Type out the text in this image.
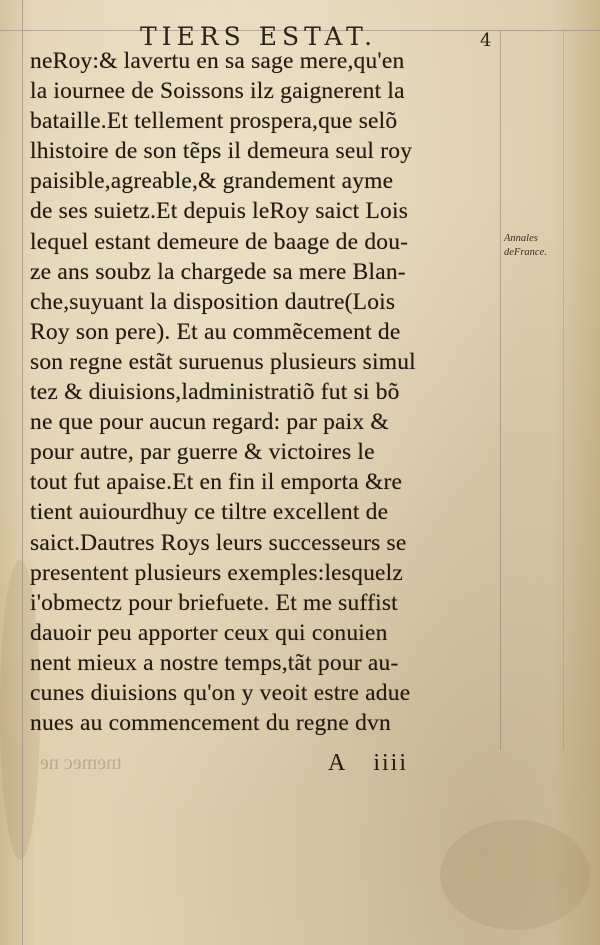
TIERS ESTAT.	4
neRoy:& lavertu en sa sage mere,qu'en
la iournee de Soissons ilz gaignerent la
bataille.Et tellement prospera,que selõ
lhistoire de son tẽps il demeura seul roy
paisible,agreable,& grandement ayme
de ses suietz.Et depuis leRoy saict Lois
lequel estant demeure de baage de dou-
ze ans soubz la chargede sa mere Blan-
che,suyuant la disposition dautre(Lois
Roy son pere). Et au commẽcement de
son regne estãt suruenus plusieurs simul
tez & diuisions,ladministratiõ fut si bõ
ne que pour aucun regard: par paix &
pour autre, par guerre & victoires le
tout fut apaise.Et en fin il emporta &re
tient auiourdhuy ce tiltre excellent de
saict.Dautres Roys leurs successeurs se
presentent plusieurs exemples:lesquelz
i'obmectz pour briefuete. Et me suffist
dauoir peu apporter ceux qui conuien
nent mieux a nostre temps,tãt pour au-
cunes diuisions qu'on y veoit estre adue
nues au commencement du regne dvn
Annales
deFrance.
tnemec ne	A iiii
